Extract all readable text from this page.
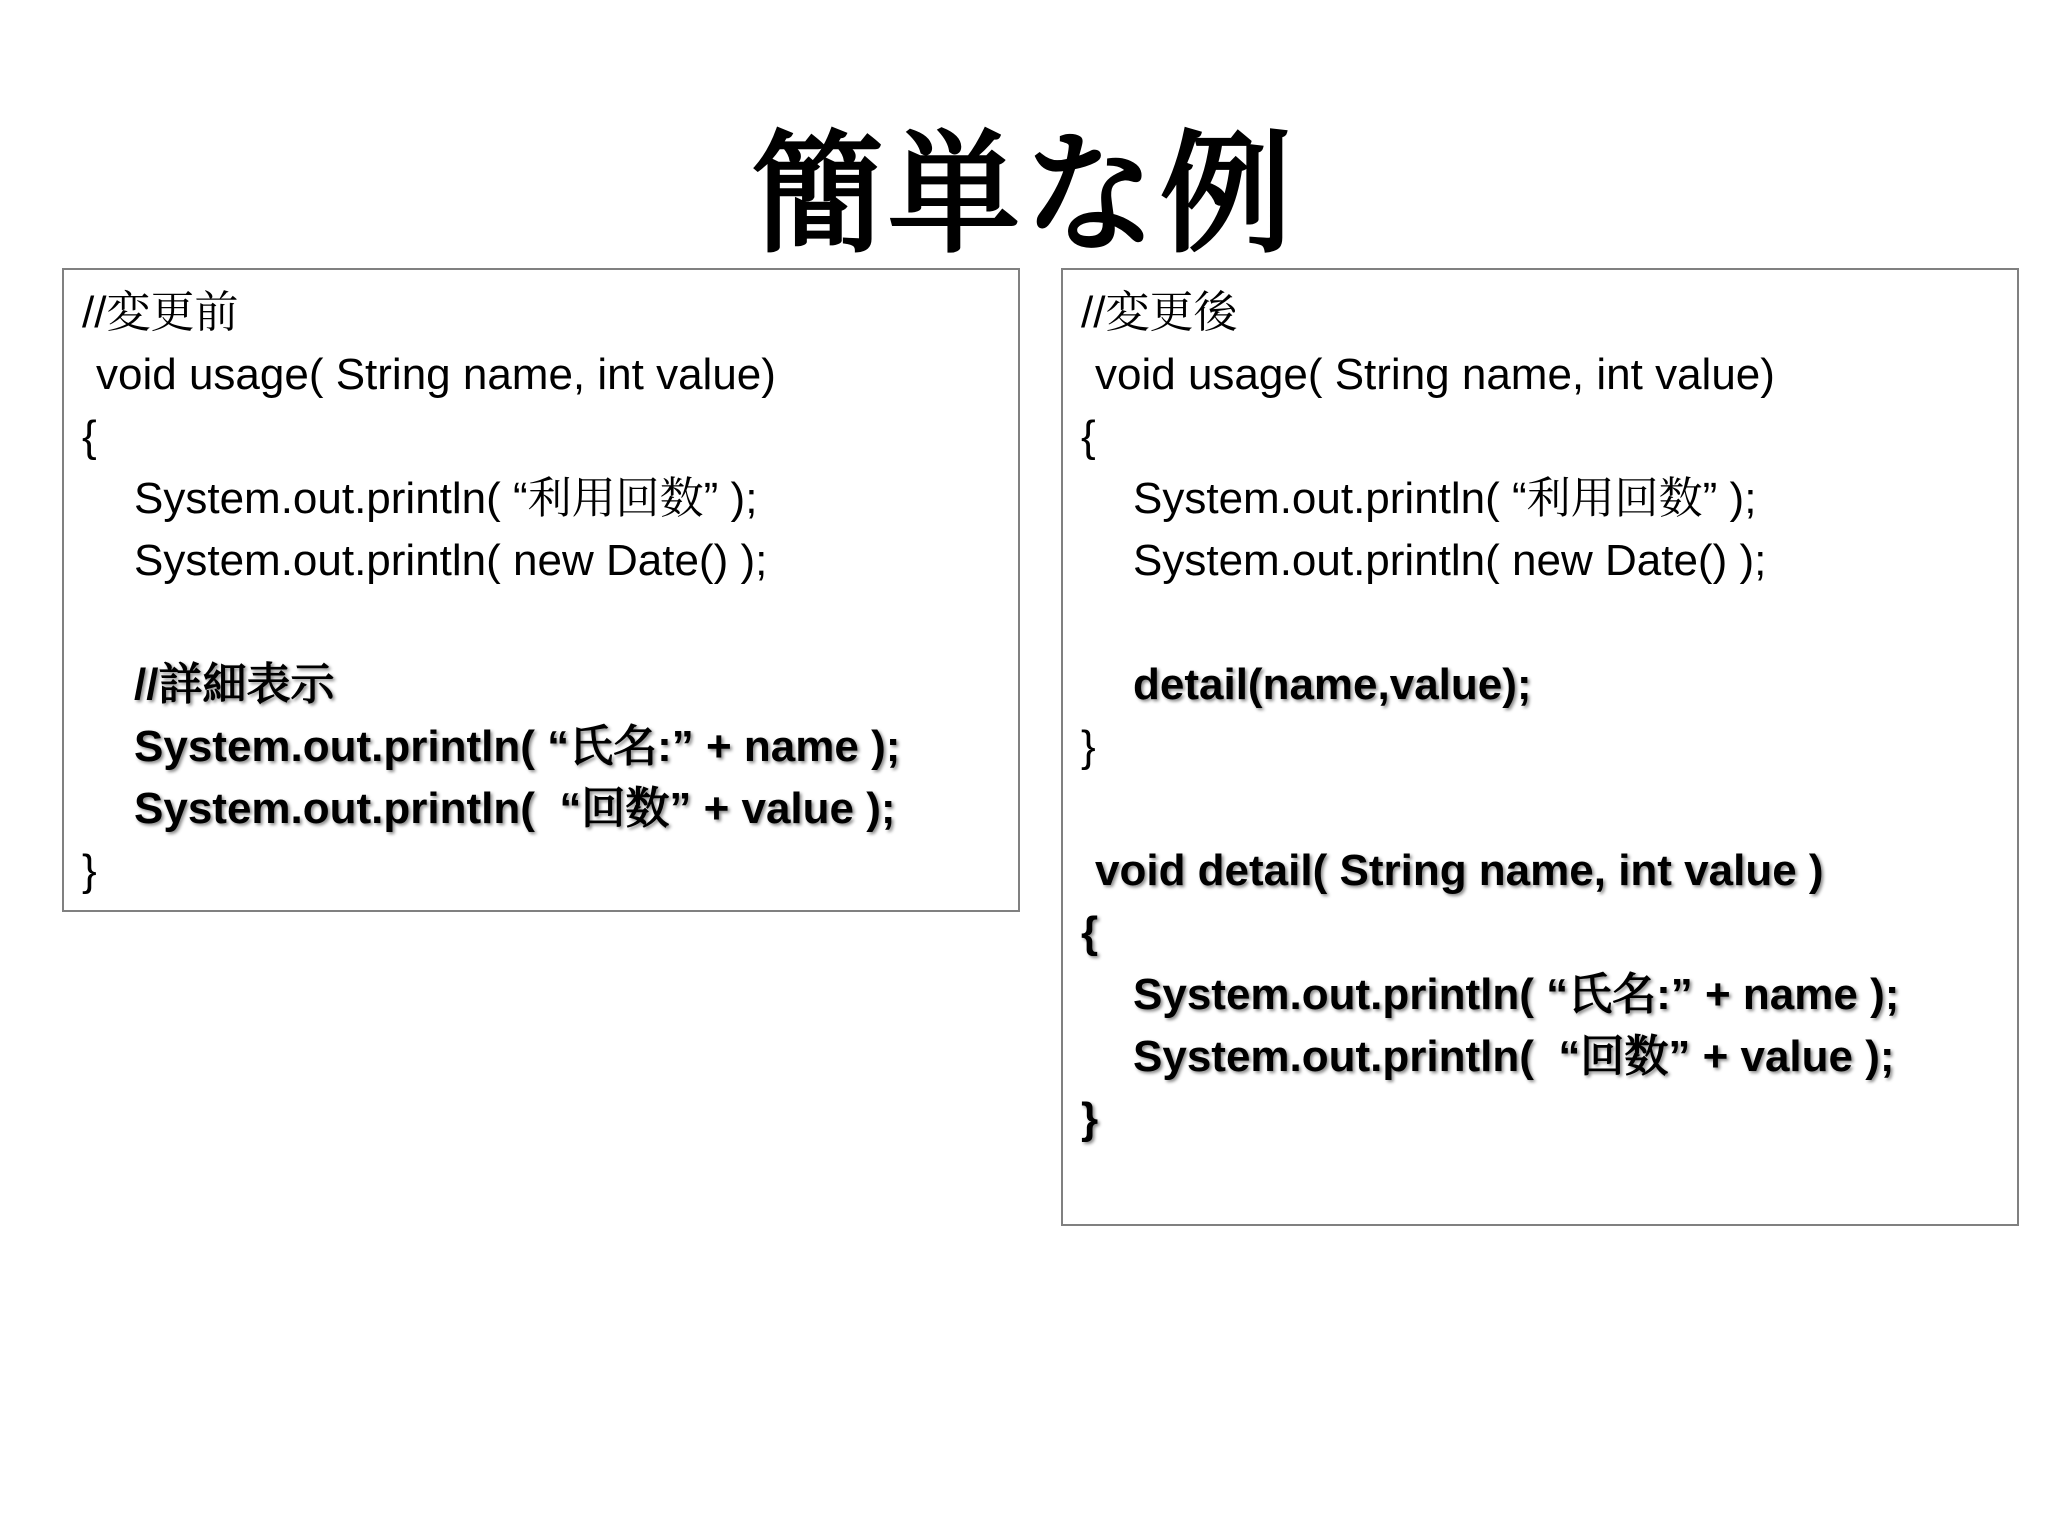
簡単な例
//変更前
void usage( String name, int value)
{
System.out.println( “利用回数” );
System.out.println( new Date() );
//詳細表示
System.out.println( “氏名:” + name );
System.out.println(  “回数” + value );
}
//変更後
void usage( String name, int value)
{
System.out.println( “利用回数” );
System.out.println( new Date() );
detail(name,value);
}
void detail( String name, int value )
{
System.out.println( “氏名:” + name );
System.out.println(  “回数” + value );
}
